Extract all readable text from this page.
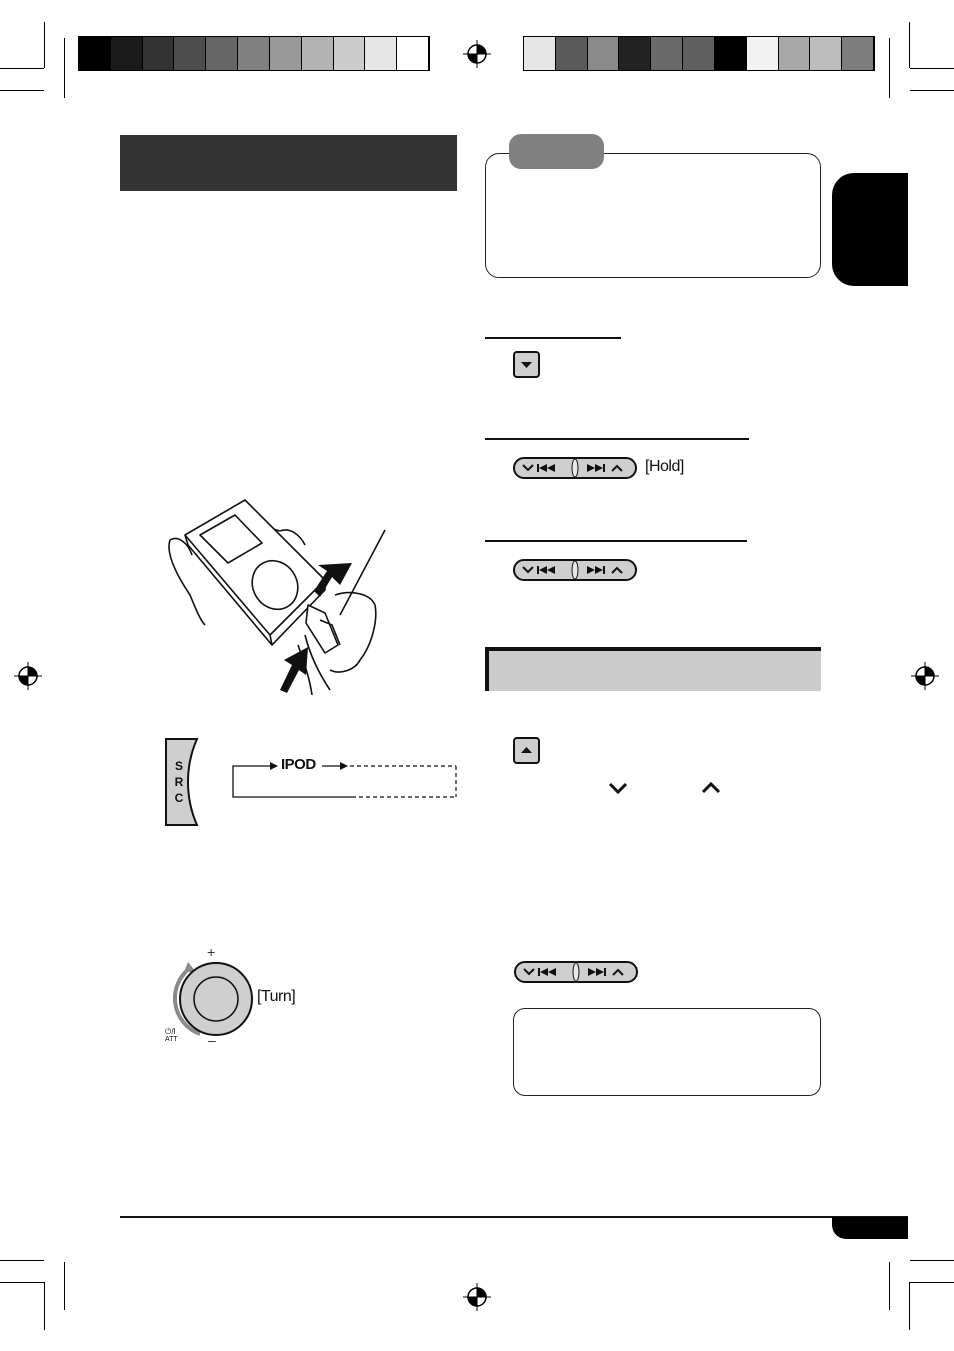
S
R
C
IPOD
+
–
⏻/I
ATT
[Turn]
[Hold]
